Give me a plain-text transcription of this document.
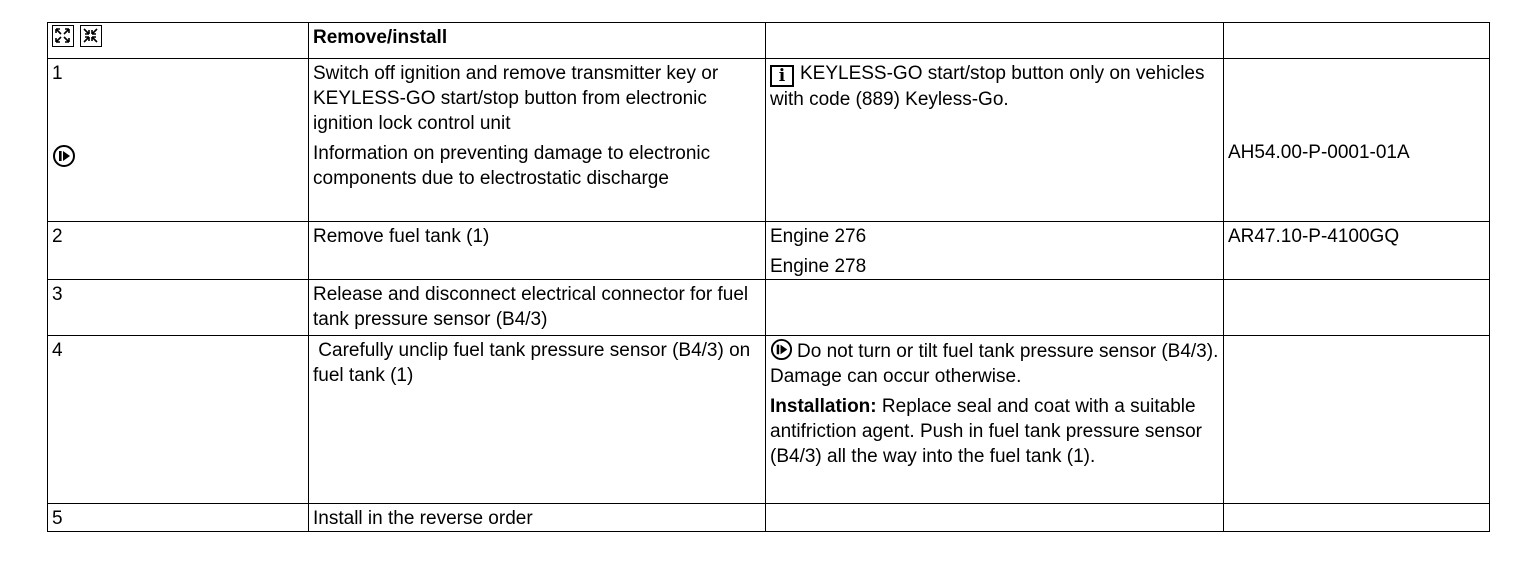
	Remove/install		

1	Switch off ignition and remove transmitter key or KEYLESS-GO start/stop button from electronic ignition lock control unit
Information on preventing damage to electronic components due to electrostatic discharge	i KEYLESS-GO start/stop button only on vehicles with code (889) Keyless-Go.	AH54.00-P-0001-01A

2	Remove fuel tank (1)	Engine 276
Engine 278	AR47.10-P-4100GQ
3	Release and disconnect electrical connector for fuel tank pressure sensor (B4/3)		
4	Carefully unclip fuel tank pressure sensor (B4/3) on fuel tank (1)	Do not turn or tilt fuel tank pressure sensor (B4/3). Damage can occur otherwise.
Installation: Replace seal and coat with a suitable antifriction agent. Push in fuel tank pressure sensor (B4/3) all the way into the fuel tank (1).	

5	Install in the reverse order		
